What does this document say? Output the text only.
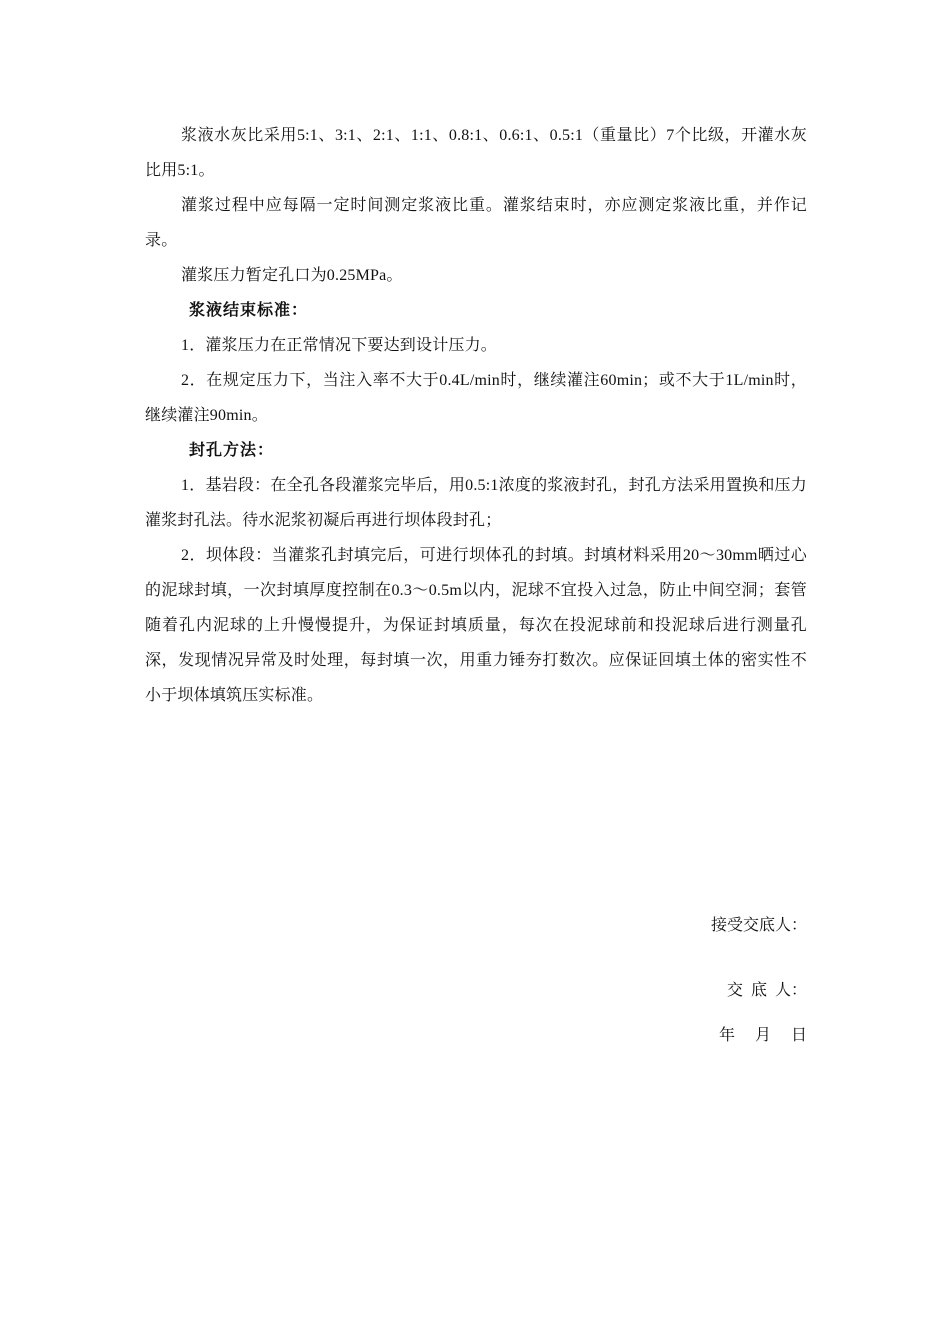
浆液水灰比采用5:1、3:1、2:1、1:1、0.8:1、0.6:1、0.5:1（重量比）7个比级，开灌水灰比用5:1。

灌浆过程中应每隔一定时间测定浆液比重。灌浆结束时，亦应测定浆液比重，并作记录。

灌浆压力暂定孔口为0.25MPa。

浆液结束标准：

1．灌浆压力在正常情况下要达到设计压力。

2．在规定压力下，当注入率不大于0.4L/min时，继续灌注60min；或不大于1L/min时，继续灌注90min。

封孔方法：

1．基岩段：在全孔各段灌浆完毕后，用0.5:1浓度的浆液封孔，封孔方法采用置换和压力灌浆封孔法。待水泥浆初凝后再进行坝体段封孔；

2．坝体段：当灌浆孔封填完后，可进行坝体孔的封填。封填材料采用20～30mm晒过心的泥球封填，一次封填厚度控制在0.3～0.5m以内，泥球不宜投入过急，防止中间空洞；套管随着孔内泥球的上升慢慢提升，为保证封填质量，每次在投泥球前和投泥球后进行测量孔深，发现情况异常及时处理，每封填一次，用重力锤夯打数次。应保证回填土体的密实性不小于坝体填筑压实标准。

接受交底人：
交  底  人：
年     月     日
